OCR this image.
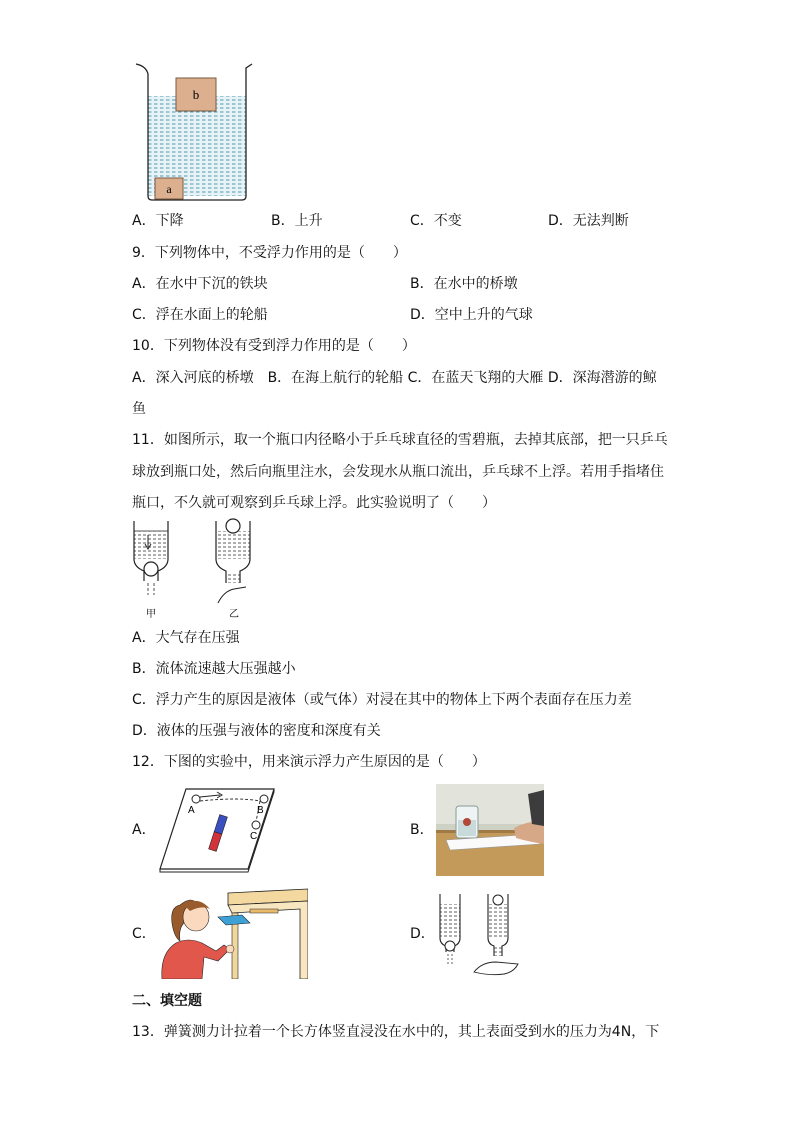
b
a
A．下降	B．上升	C．不变	D．无法判断
9．下列物体中，不受浮力作用的是（　　）
A．在水中下沉的铁块	B．在水中的桥墩
C．浮在水面上的轮船	D．空中上升的气球
10．下列物体没有受到浮力作用的是（　　）
A．深入河底的桥墩　B．在海上航行的轮船 C．在蓝天飞翔的大雁 D．深海潜游的鲸
鱼
11．如图所示，取一个瓶口内径略小于乒乓球直径的雪碧瓶，去掉其底部，把一只乒乓
球放到瓶口处，然后向瓶里注水，会发现水从瓶口流出，乒乓球不上浮。若用手指堵住
瓶口，不久就可观察到乒乓球上浮。此实验说明了（　　）
甲	乙
A．大气存在压强
B．流体流速越大压强越小
C．浮力产生的原因是液体（或气体）对浸在其中的物体上下两个表面存在压力差
D．液体的压强与液体的密度和深度有关
12．下图的实验中，用来演示浮力产生原因的是（　　）
A．
A	B
C	B．
C．	D．
二、填空题
13．弹簧测力计拉着一个长方体竖直浸没在水中的，其上表面受到水的压力为4N，下
